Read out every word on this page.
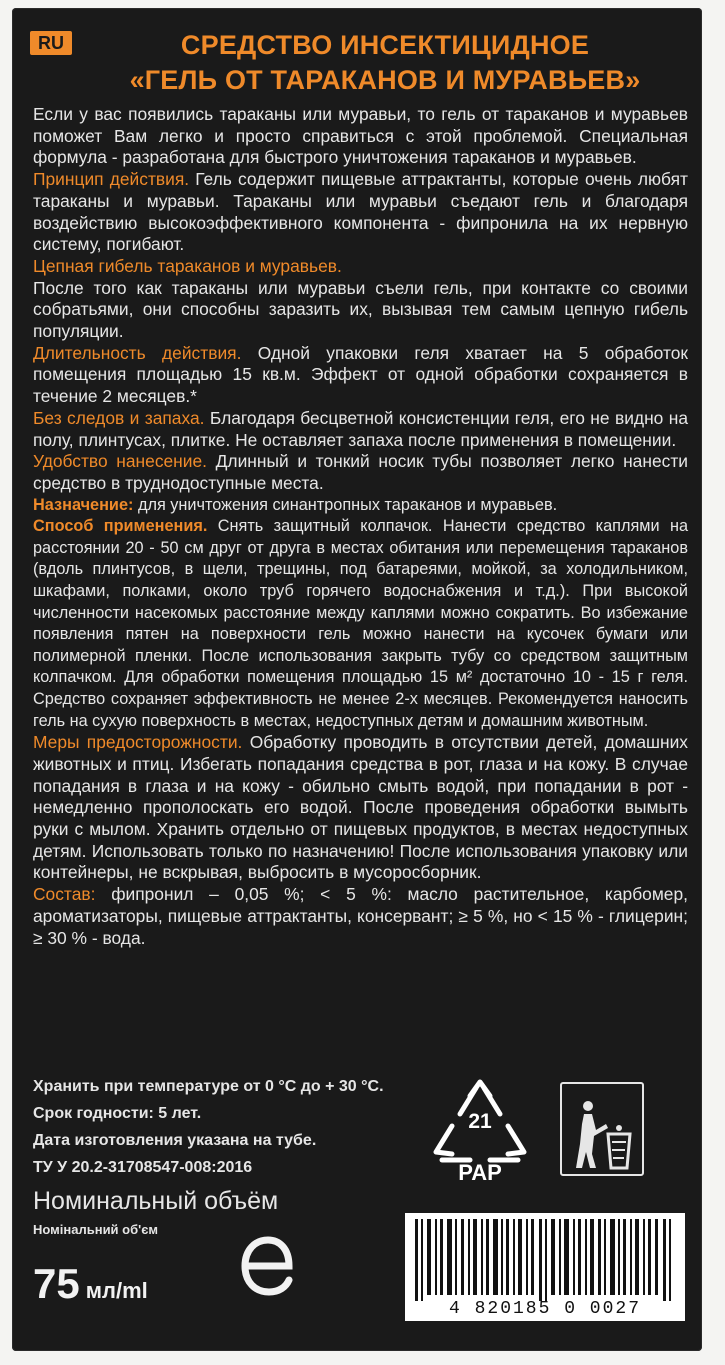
RU	СРЕДСТВО ИНСЕКТИЦИДНОЕ
«ГЕЛЬ ОТ ТАРАКАНОВ И МУРАВЬЕВ»

Если у вас появились тараканы или муравьи, то гель от тараканов и муравьев поможет Вам легко и просто справиться с этой проблемой. Специальная формула - разработана для быстрого уничтожения тараканов и муравьев.

Принцип действия. Гель содержит пищевые аттрактанты, которые очень любят тараканы и муравьи. Тараканы или муравьи съедают гель и благодаря воздействию высокоэффективного компонента - фипронила на их нервную систему, погибают.

Цепная гибель тараканов и муравьев.
После того как тараканы или муравьи съели гель, при контакте со своими собратьями, они способны заразить их, вызывая тем самым цепную гибель популяции.

Длительность действия. Одной упаковки геля хватает на 5 обработок помещения площадью 15 кв.м. Эффект от одной обработки сохраняется в течение 2 месяцев.*

Без следов и запаха. Благодаря бесцветной консистенции геля, его не видно на полу, плинтусах, плитке. Не оставляет запаха после применения в помещении.

Удобство нанесение. Длинный и тонкий носик тубы позволяет легко нанести средство в труднодоступные места.

Назначение: для уничтожения синантропных тараканов и муравьев.

Способ применения. Снять защитный колпачок. Нанести средство каплями на расстоянии 20 - 50 см друг от друга в местах обитания или перемещения тараканов (вдоль плинтусов, в щели, трещины, под батареями, мойкой, за холодильником, шкафами, полками, около труб горячего водоснабжения и т.д.). При высокой численности насекомых расстояние между каплями можно сократить. Во избежание появления пятен на поверхности гель можно нанести на кусочек бумаги или полимерной пленки. После использования закрыть тубу со средством защитным колпачком. Для обработки помещения площадью 15 м² достаточно 10 - 15 г геля. Средство сохраняет эффективность не менее 2-х месяцев. Рекомендуется наносить гель на сухую поверхность в местах, недоступных детям и домашним животным.

Меры предосторожности. Обработку проводить в отсутствии детей, домашних животных и птиц. Избегать попадания средства в рот, глаза и на кожу. В случае попадания в глаза и на кожу - обильно смыть водой, при попадании в рот - немедленно прополоскать его водой. После проведения обработки вымыть руки с мылом. Хранить отдельно от пищевых продуктов, в местах недоступных детям. Использовать только по назначению! После использования упаковку или контейнеры, не вскрывая, выбросить в мусоросборник.

Состав: фипронил – 0,05 %; < 5 %: масло растительное, карбомер, ароматизаторы, пищевые аттрактанты, консервант; ≥ 5 %, но < 15 % - глицерин; ≥ 30 % - вода.

Хранить при температуре от 0 °С до + 30 °С.
Срок годности: 5 лет.
Дата изготовления указана на тубе.
ТУ У 20.2-31708547-008:2016
Номинальный объём
Номінальний об'єм
75 мл/ml
21
PAP
4 820185 0 0027
